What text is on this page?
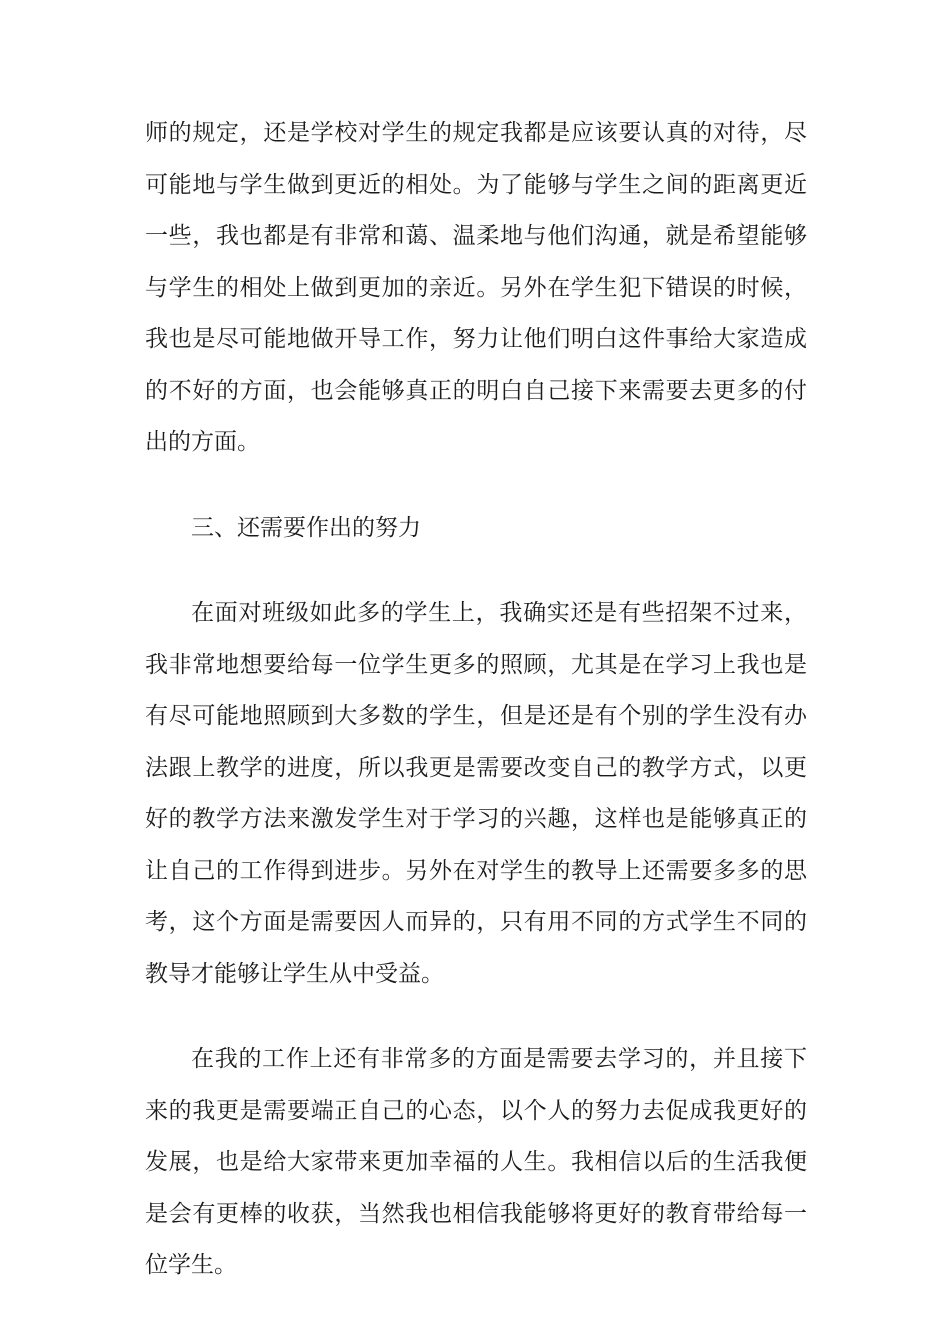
师的规定，还是学校对学生的规定我都是应该要认真的对待，尽
可能地与学生做到更近的相处。为了能够与学生之间的距离更近
一些，我也都是有非常和蔼、温柔地与他们沟通，就是希望能够
与学生的相处上做到更加的亲近。另外在学生犯下错误的时候，
我也是尽可能地做开导工作，努力让他们明白这件事给大家造成
的不好的方面，也会能够真正的明白自己接下来需要去更多的付
出的方面。
三、还需要作出的努力
在面对班级如此多的学生上，我确实还是有些招架不过来，
我非常地想要给每一位学生更多的照顾，尤其是在学习上我也是
有尽可能地照顾到大多数的学生，但是还是有个别的学生没有办
法跟上教学的进度，所以我更是需要改变自己的教学方式，以更
好的教学方法来激发学生对于学习的兴趣，这样也是能够真正的
让自己的工作得到进步。另外在对学生的教导上还需要多多的思
考，这个方面是需要因人而异的，只有用不同的方式学生不同的
教导才能够让学生从中受益。
在我的工作上还有非常多的方面是需要去学习的，并且接下
来的我更是需要端正自己的心态，以个人的努力去促成我更好的
发展，也是给大家带来更加幸福的人生。我相信以后的生活我便
是会有更棒的收获，当然我也相信我能够将更好的教育带给每一
位学生。
